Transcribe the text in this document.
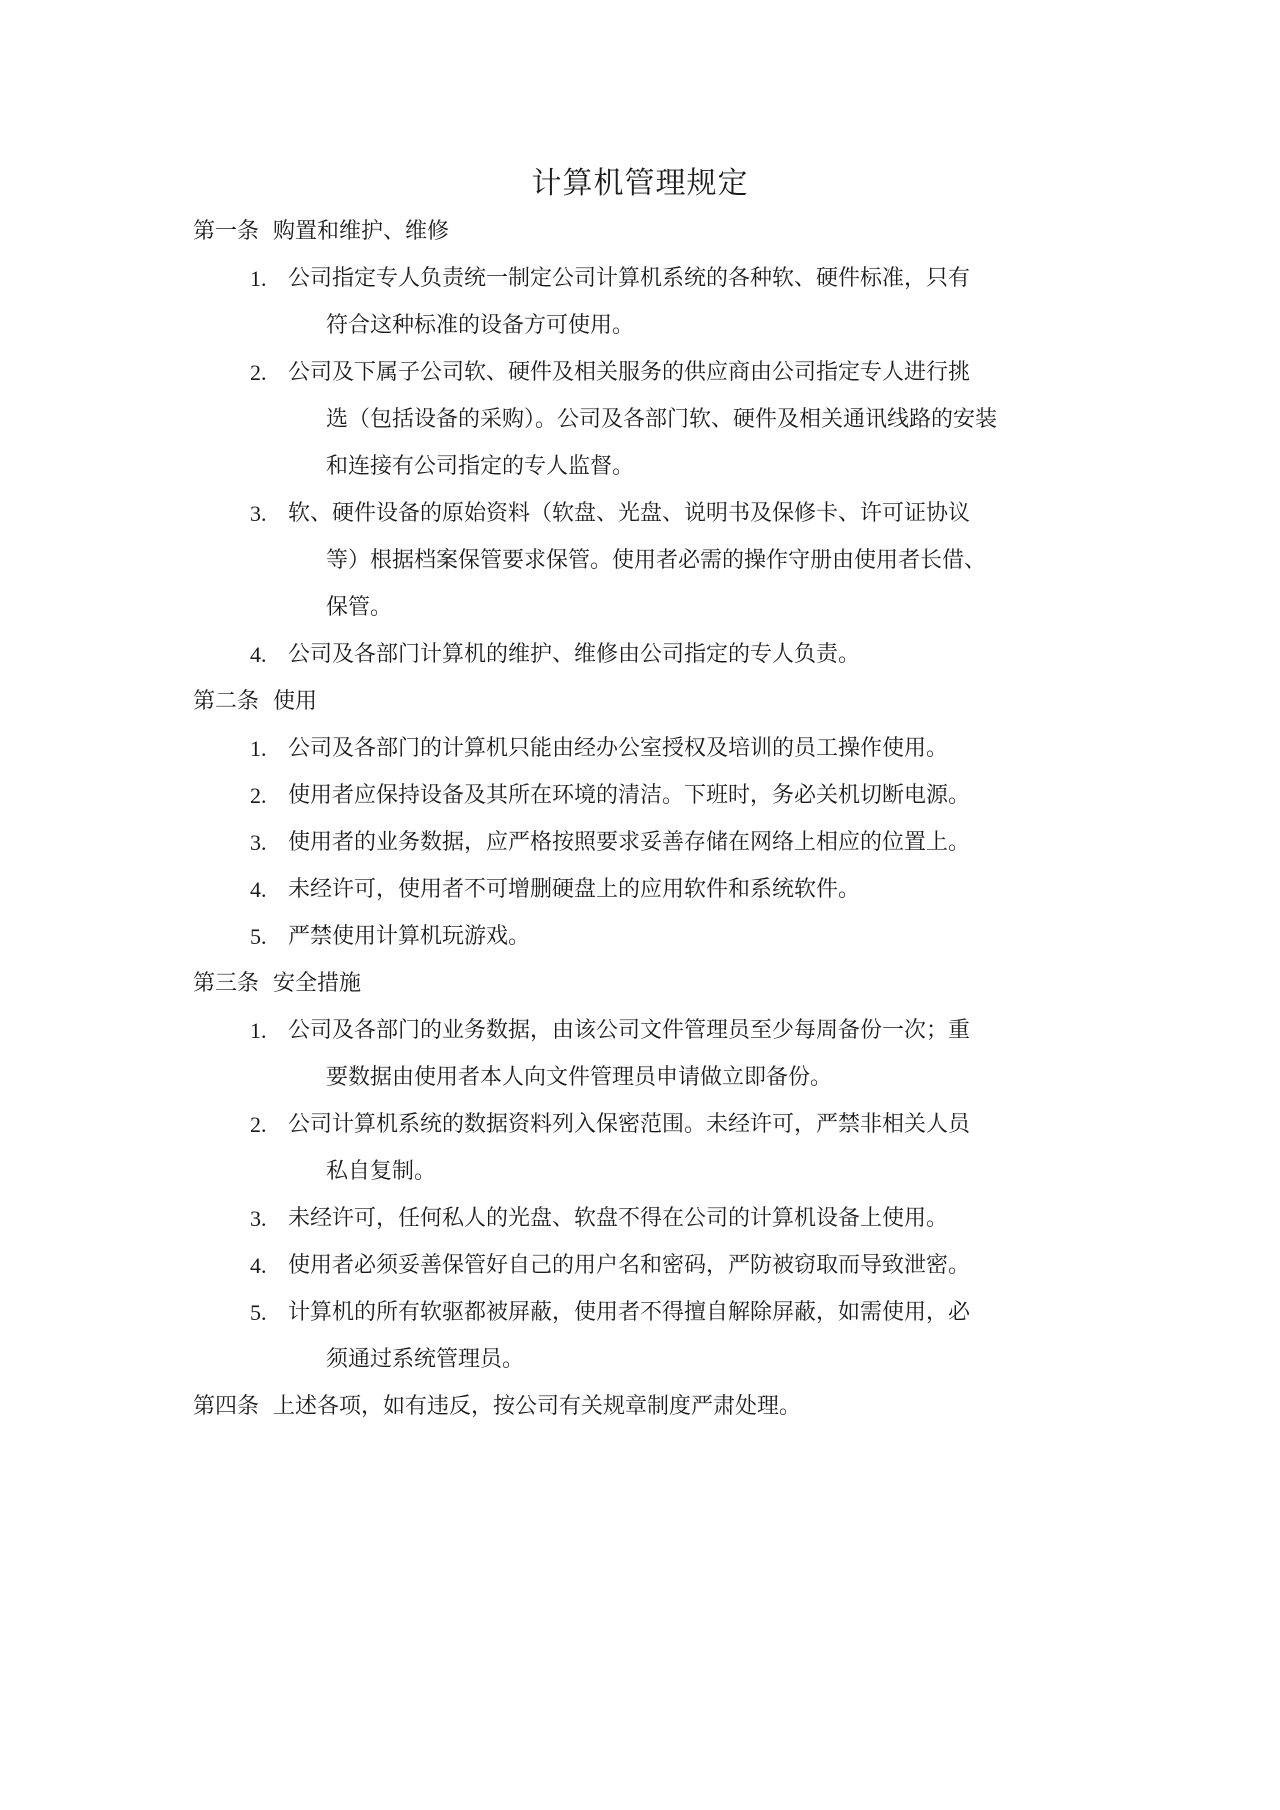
计算机管理规定
第一条 购置和维护、维修
1. 公司指定专人负责统一制定公司计算机系统的各种软、硬件标准，只有
符合这种标准的设备方可使用。
2. 公司及下属子公司软、硬件及相关服务的供应商由公司指定专人进行挑
选（包括设备的采购）。公司及各部门软、硬件及相关通讯线路的安装
和连接有公司指定的专人监督。
3. 软、硬件设备的原始资料（软盘、光盘、说明书及保修卡、许可证协议
等）根据档案保管要求保管。使用者必需的操作守册由使用者长借、
保管。
4. 公司及各部门计算机的维护、维修由公司指定的专人负责。
第二条 使用
1. 公司及各部门的计算机只能由经办公室授权及培训的员工操作使用。
2. 使用者应保持设备及其所在环境的清洁。下班时，务必关机切断电源。
3. 使用者的业务数据，应严格按照要求妥善存储在网络上相应的位置上。
4. 未经许可，使用者不可增删硬盘上的应用软件和系统软件。
5. 严禁使用计算机玩游戏。
第三条 安全措施
1. 公司及各部门的业务数据，由该公司文件管理员至少每周备份一次；重
要数据由使用者本人向文件管理员申请做立即备份。
2. 公司计算机系统的数据资料列入保密范围。未经许可，严禁非相关人员
私自复制。
3. 未经许可，任何私人的光盘、软盘不得在公司的计算机设备上使用。
4. 使用者必须妥善保管好自己的用户名和密码，严防被窃取而导致泄密。
5. 计算机的所有软驱都被屏蔽，使用者不得擅自解除屏蔽，如需使用，必
须通过系统管理员。
第四条 上述各项，如有违反，按公司有关规章制度严肃处理。
